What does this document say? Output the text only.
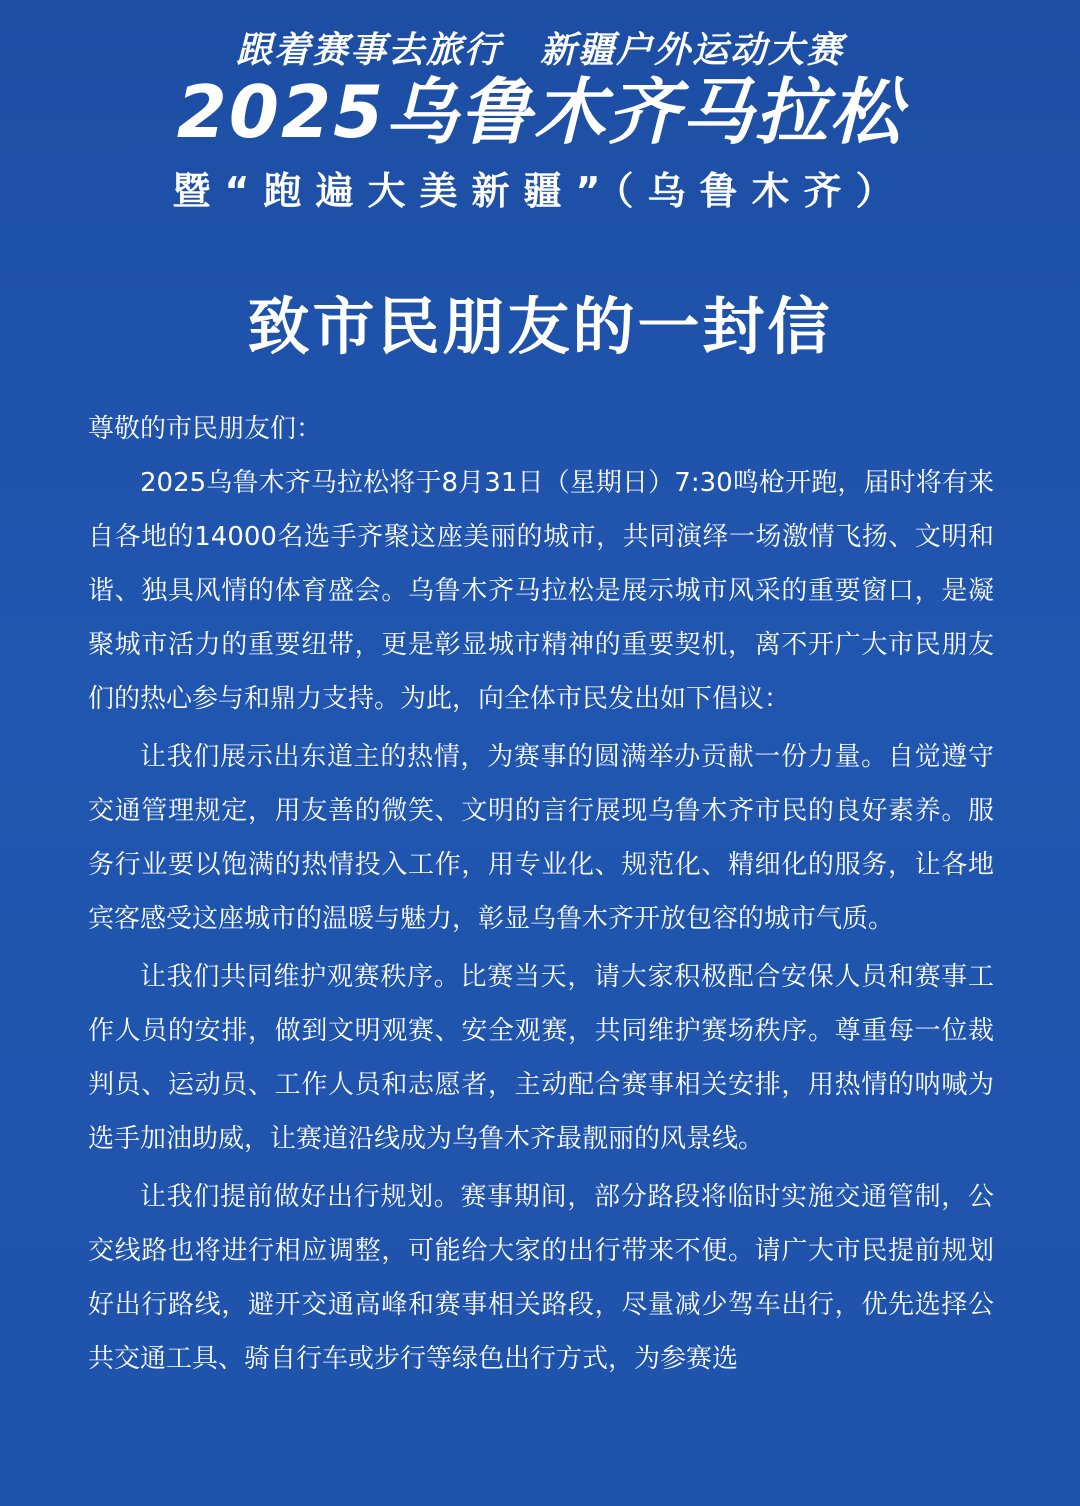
跟着赛事去旅行　新疆户外运动大赛
2025乌鲁木齐马拉松
暨“跑遍大美新疆”（乌鲁木齐）
致市民朋友的一封信

尊敬的市民朋友们：

2025乌鲁木齐马拉松将于8月31日（星期日）7:30鸣枪开跑，届时将有来自各地的14000名选手齐聚这座美丽的城市，共同演绎一场激情飞扬、文明和谐、独具风情的体育盛会。乌鲁木齐马拉松是展示城市风采的重要窗口，是凝聚城市活力的重要纽带，更是彰显城市精神的重要契机，离不开广大市民朋友们的热心参与和鼎力支持。为此，向全体市民发出如下倡议：

让我们展示出东道主的热情，为赛事的圆满举办贡献一份力量。自觉遵守交通管理规定，用友善的微笑、文明的言行展现乌鲁木齐市民的良好素养。服务行业要以饱满的热情投入工作，用专业化、规范化、精细化的服务，让各地宾客感受这座城市的温暖与魅力，彰显乌鲁木齐开放包容的城市气质。

让我们共同维护观赛秩序。比赛当天，请大家积极配合安保人员和赛事工作人员的安排，做到文明观赛、安全观赛，共同维护赛场秩序。尊重每一位裁判员、运动员、工作人员和志愿者，主动配合赛事相关安排，用热情的呐喊为选手加油助威，让赛道沿线成为乌鲁木齐最靓丽的风景线。

让我们提前做好出行规划。赛事期间，部分路段将临时实施交通管制，公交线路也将进行相应调整，可能给大家的出行带来不便。请广大市民提前规划好出行路线，避开交通高峰和赛事相关路段，尽量减少驾车出行，优先选择公共交通工具、骑自行车或步行等绿色出行方式，为参赛选
